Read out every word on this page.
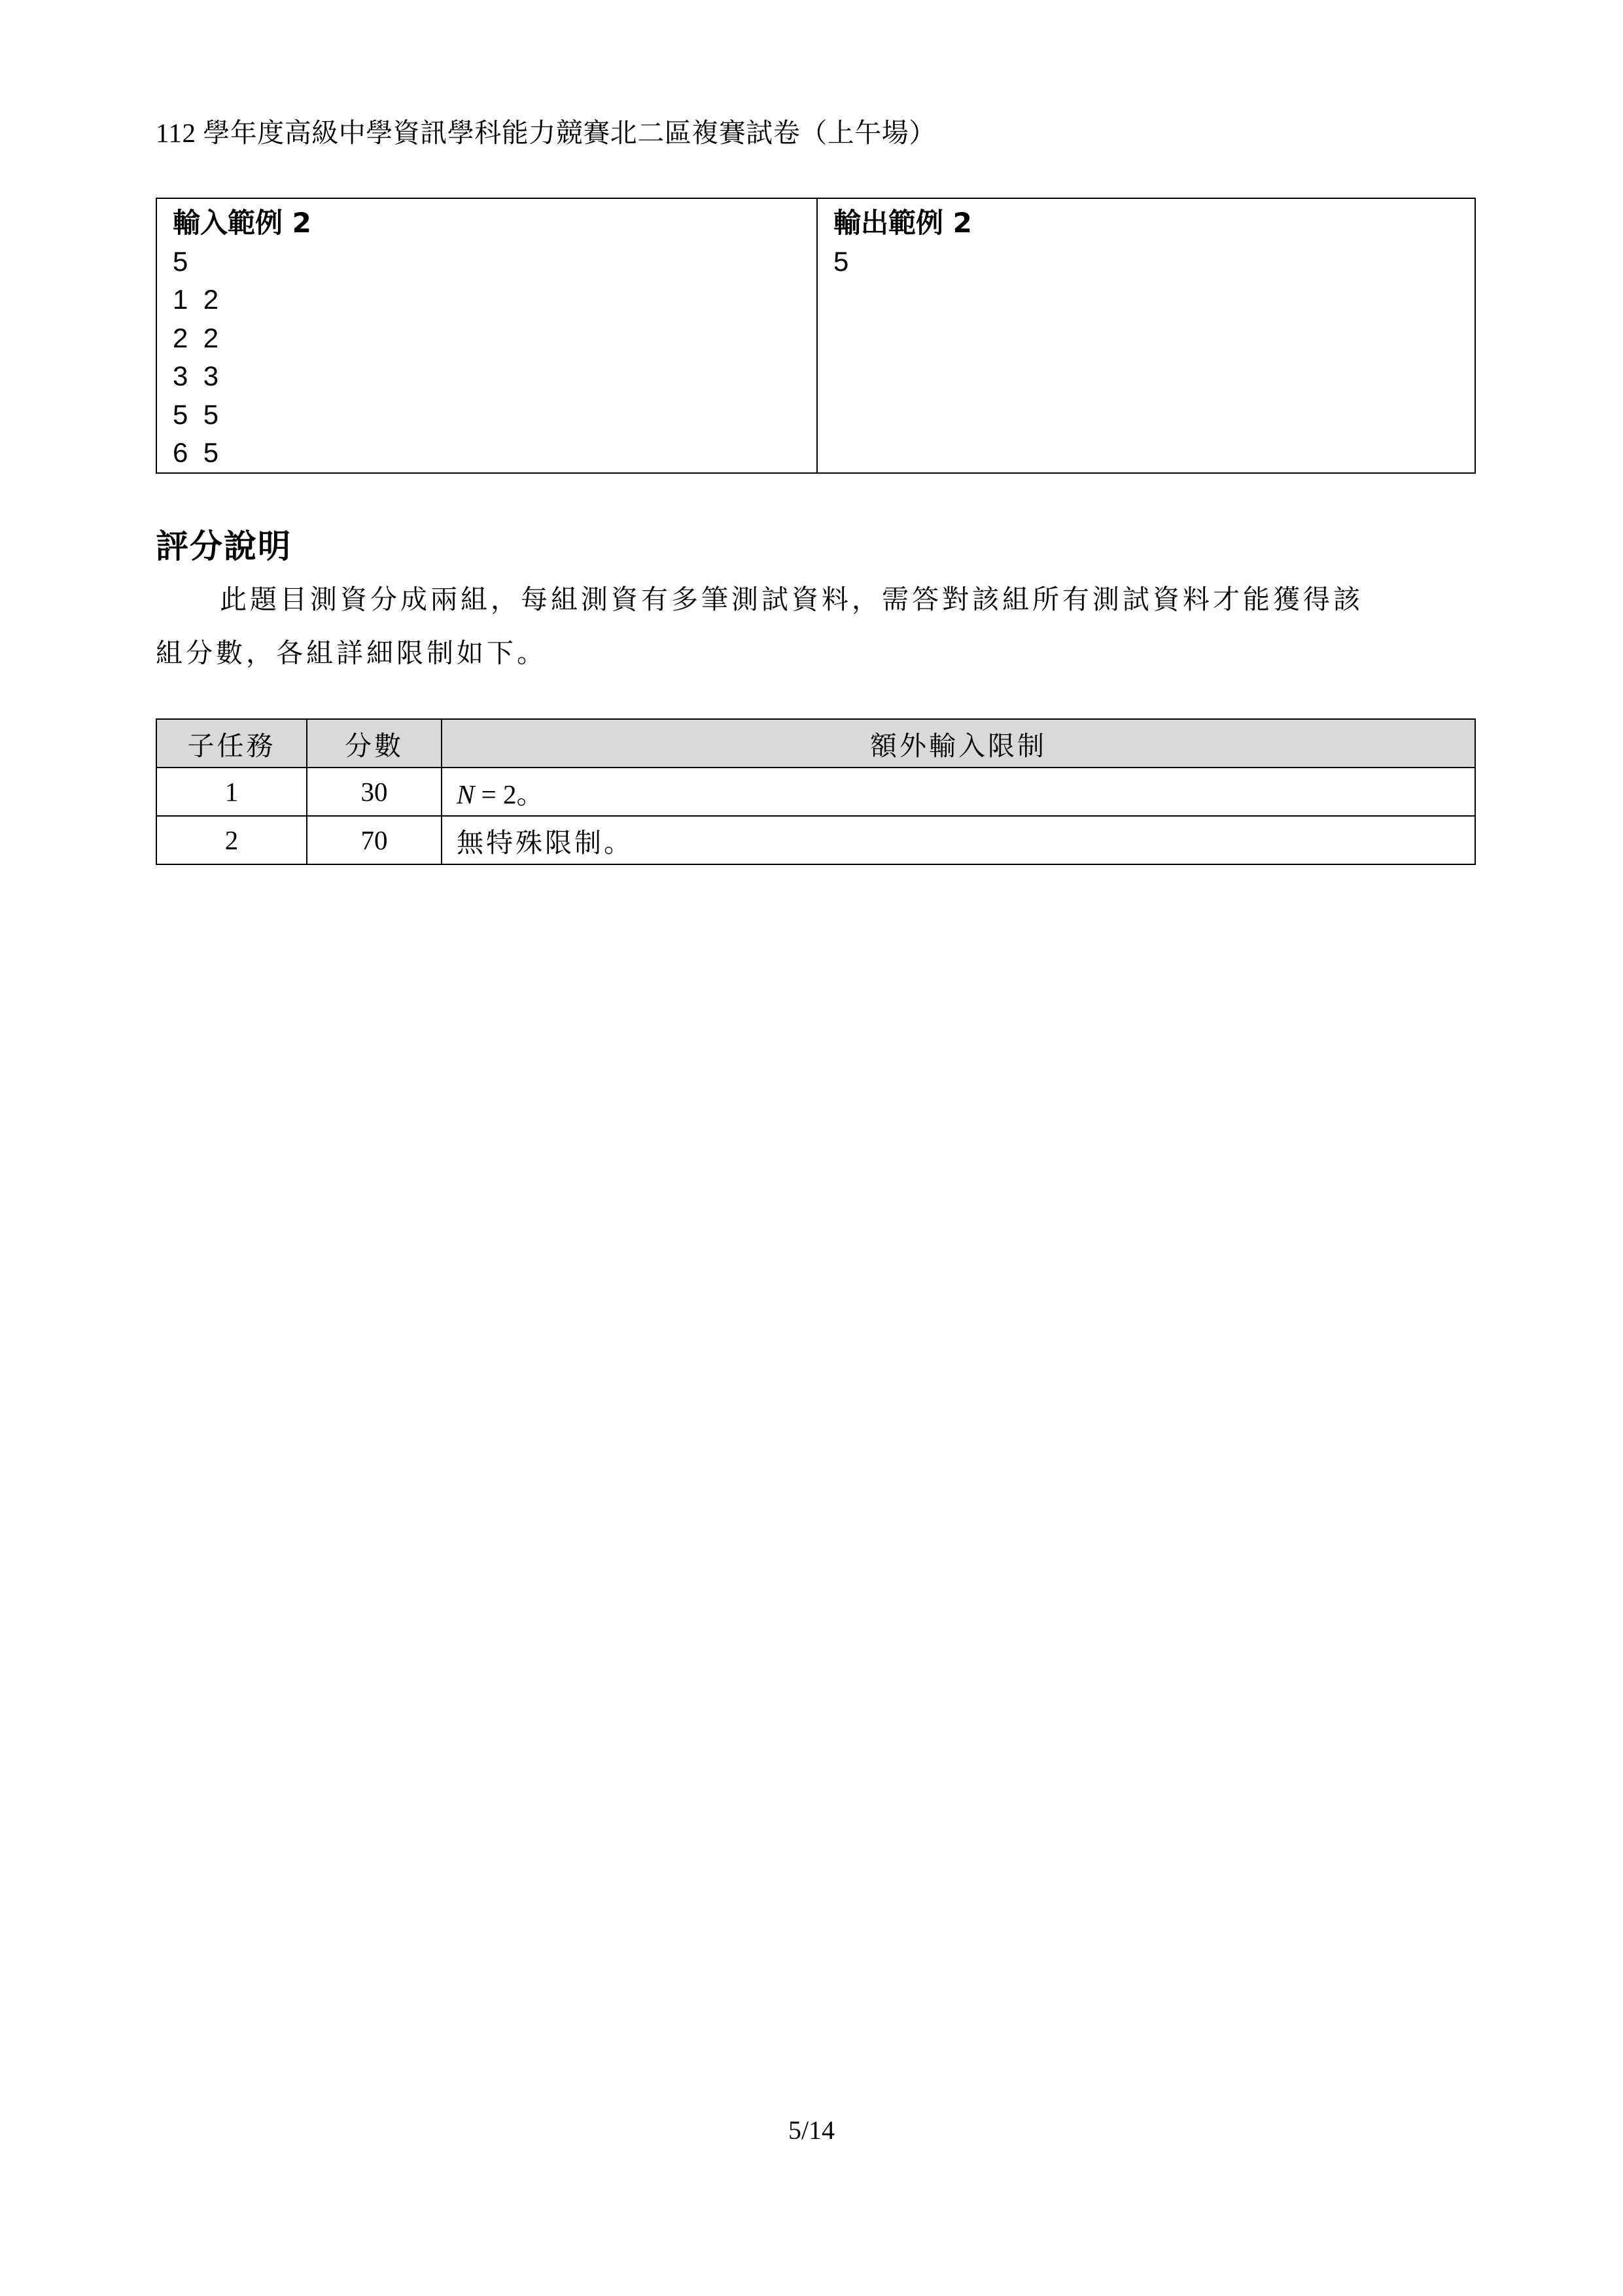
112 學年度高級中學資訊學科能力競賽北二區複賽試卷（上午場）
輸入範例 2
5
1  2
2  2
3  3
5  5
6  5
輸出範例 2
5
評分說明
此題目測資分成兩組，每組測資有多筆測試資料，需答對該組所有測試資料才能獲得該
組分數，各組詳細限制如下。
子任務	分數	額外輸入限制
1	30	N = 2。
2	70	無特殊限制。
5/14
